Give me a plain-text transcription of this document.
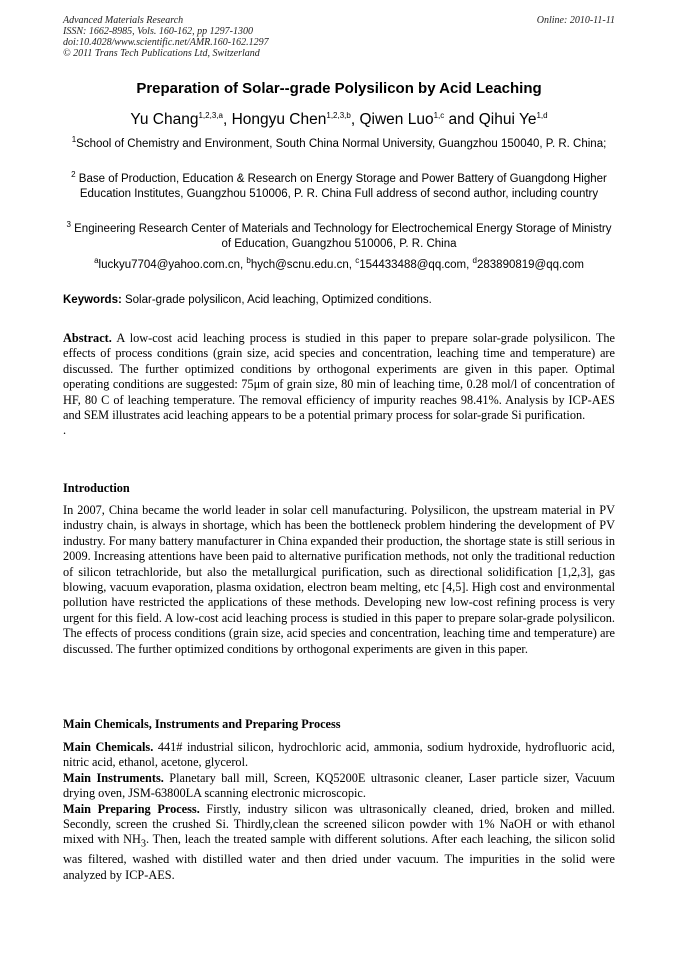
Advanced Materials Research
ISSN: 1662-8985, Vols. 160-162, pp 1297-1300
doi:10.4028/www.scientific.net/AMR.160-162.1297
© 2011 Trans Tech Publications Ltd, Switzerland
Online: 2010-11-11
Preparation of Solar--grade Polysilicon by Acid Leaching
Yu Chang$^{1,2,3,a}$, Hongyu Chen$^{1,2,3,b}$, Qiwen Luo$^{1,c}$ and Qihui Ye$^{1,d}$
$^1$School of Chemistry and Environment, South China Normal University, Guangzhou 150040, P. R. China;
$^2$ Base of Production, Education & Research on Energy Storage and Power Battery of Guangdong Higher Education Institutes, Guangzhou 510006, P. R. China Full address of second author, including country
$^3$ Engineering Research Center of Materials and Technology for Electrochemical Energy Storage of Ministry of Education, Guangzhou 510006, P. R. China
$^a$luckyu7704@yahoo.com.cn, $^b$hych@scnu.edu.cn, $^c$154433488@qq.com, $^d$283890819@qq.com
Keywords: Solar-grade polysilicon, Acid leaching, Optimized conditions.
Abstract. A low-cost acid leaching process is studied in this paper to prepare solar-grade polysilicon. The effects of process conditions (grain size, acid species and concentration, leaching time and temperature) are discussed. The further optimized conditions by orthogonal experiments are given in this paper. Optimal operating conditions are suggested: 75μm of grain size, 80 min of leaching time, 0.28 mol/l of concentration of HF, 80 C of leaching temperature. The removal efficiency of impurity reaches 98.41%. Analysis by ICP-AES and SEM illustrates acid leaching appears to be a potential primary process for solar-grade Si purification.
.
Introduction
In 2007, China became the world leader in solar cell manufacturing. Polysilicon, the upstream material in PV industry chain, is always in shortage, which has been the bottleneck problem hindering the development of PV industry. For many battery manufacturer in China expanded their production, the shortage state is still serious in 2009. Increasing attentions have been paid to alternative purification methods, not only the traditional reduction of silicon tetrachloride, but also the metallurgical purification, such as directional solidification [1,2,3], gas blowing, vacuum evaporation, plasma oxidation, electron beam melting, etc [4,5]. High cost and environmental pollution have restricted the applications of these methods. Developing new low-cost refining process is very urgent for this field. A low-cost acid leaching process is studied in this paper to prepare solar-grade polysilicon. The effects of process conditions (grain size, acid species and concentration, leaching time and temperature) are discussed. The further optimized conditions by orthogonal experiments are given in this paper.
Main Chemicals, Instruments and Preparing Process
Main Chemicals. 441# industrial silicon, hydrochloric acid, ammonia, sodium hydroxide, hydrofluoric acid, nitric acid, ethanol, acetone, glycerol.
Main Instruments. Planetary ball mill, Screen, KQ5200E ultrasonic cleaner, Laser particle sizer, Vacuum drying oven, JSM-63800LA scanning electronic microscopic.
Main Preparing Process. Firstly, industry silicon was ultrasonically cleaned, dried, broken and milled. Secondly, screen the crushed Si. Thirdly,clean the screened silicon powder with 1% NaOH or with ethanol mixed with $NH_3$. Then, leach the treated sample with different solutions. After each leaching, the silicon solid was filtered, washed with distilled water and then dried under vacuum. The impurities in the solid were analyzed by ICP-AES.
